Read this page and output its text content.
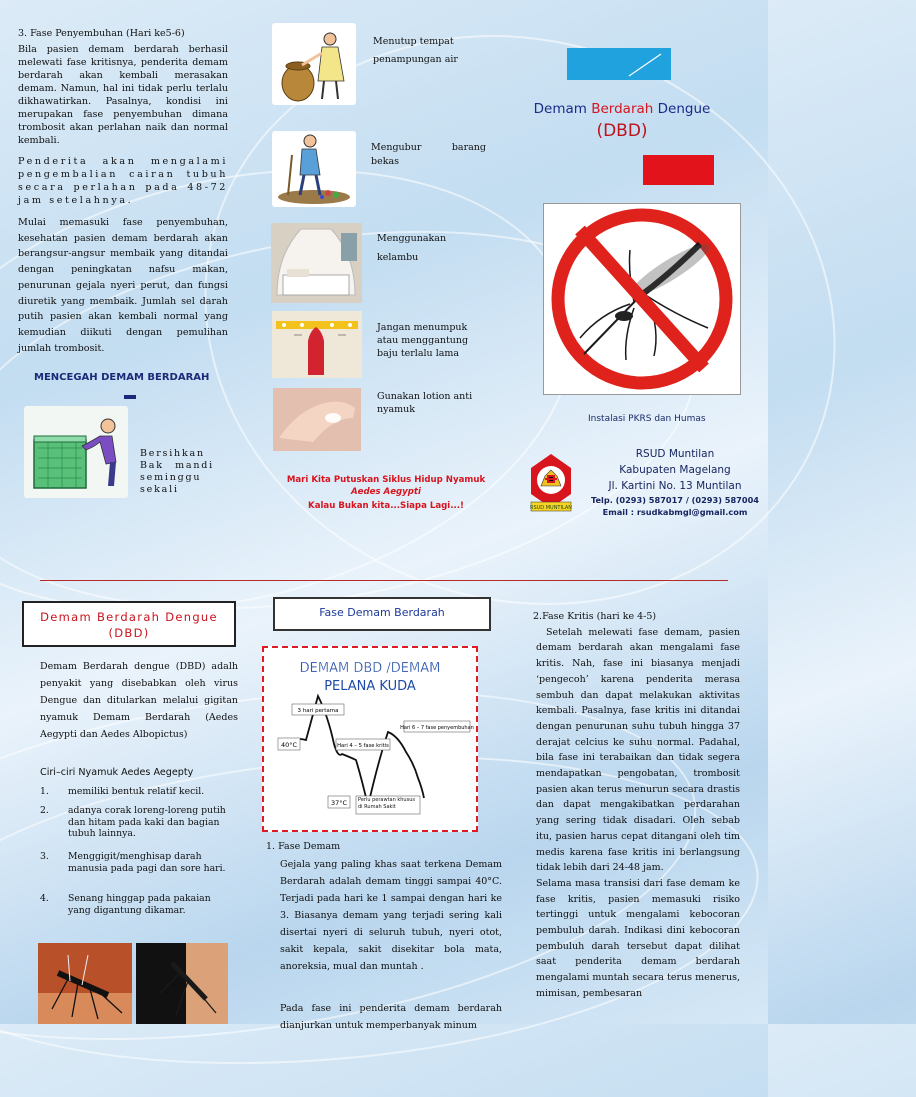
3. Fase Penyembuhan (Hari ke5-6)

Bila pasien demam berdarah berhasil melewati fase kritisnya, penderita demam berdarah akan kembali merasakan demam. Namun, hal ini tidak perlu terlalu dikhawatirkan. Pasalnya, kondisi ini merupakan fase penyembuhan dimana trombosit akan perlahan naik dan normal kembali.

Penderita akan mengalami pengembalian cairan tubuh secara perlahan pada 48-72 jam setelahnya.

Mulai memasuki fase penyembuhan, kesehatan pasien demam berdarah akan berangsur-angsur membaik yang ditandai dengan peningkatan nafsu makan, penurunan gejala nyeri perut, dan fungsi diuretik yang membaik. Jumlah sel darah putih pasien akan kembali normal yang kemudian diikuti dengan pemulihan jumlah trombosit.

MENCEGAH DEMAM BERDARAH
Bersihkan Bak mandi seminggu sekali
Menutup tempat penampungan air
Mengubur barang bekas
Menggunakan kelambu
Jangan menumpuk atau menggantung baju terlalu lama
Gunakan lotion anti nyamuk
Mari Kita Putuskan Siklus Hidup Nyamuk
Aedes Aegypti
Kalau Bukan kita...Siapa Lagi...!
Demam Berdarah Dengue
(DBD)
Instalasi PKRS dan Humas
RSUD MUNTILAN
RSUD Muntilan
Kabupaten Magelang
Jl. Kartini No. 13 Muntilan
Telp. (0293) 587017 / (0293) 587004
Email : rsudkabmgl@gmail.com
Demam Berdarah Dengue (DBD)
Demam Berdarah dengue (DBD) adalh penyakit yang disebabkan oleh virus Dengue dan ditularkan melalui gigitan nyamuk Demam Berdarah (Aedes Aegypti dan Aedes Albopictus)
Ciri–ciri Nyamuk Aedes Aegepty
1. memiliki bentuk relatif kecil.
2. adanya corak loreng-loreng putih dan hitam pada kaki dan bagian tubuh lainnya.
3. Menggigit/menghisap darah manusia pada pagi dan sore hari.
4. Senang hinggap pada pakaian yang digantung dikamar.
Fase Demam Berdarah
DEMAM DBD /DEMAM
PELANA KUDA
3 hari pertama
40°C	Hari 4 – 5 fase kritis
Hari 6 – 7 fase penyembuhan
37°C Perlu perawtan khusus di Rumah Sakit
1. Fase Demam
Gejala yang paling khas saat terkena Demam Berdarah adalah demam tinggi sampai 40°C. Terjadi pada hari ke 1 sampai dengan hari ke 3. Biasanya demam yang terjadi sering kali disertai nyeri di seluruh tubuh, nyeri otot, sakit kepala, sakit disekitar bola mata, anoreksia, mual dan muntah .
Pada fase ini penderita demam berdarah dianjurkan untuk memperbanyak minum
2.Fase Kritis (hari ke 4-5)
Setelah melewati fase demam, pasien demam berdarah akan mengalami fase kritis. Nah, fase ini biasanya menjadi ‘pengecoh’ karena penderita merasa sembuh dan dapat melakukan aktivitas kembali. Pasalnya, fase kritis ini ditandai dengan penurunan suhu tubuh hingga 37 derajat celcius ke suhu normal. Padahal, bila fase ini terabaikan dan tidak segera mendapatkan pengobatan, trombosit pasien akan terus menurun secara drastis dan dapat mengakibatkan perdarahan yang sering tidak disadari. Oleh sebab itu, pasien harus cepat ditangani oleh tim medis karena fase kritis ini berlangsung tidak lebih dari 24-48 jam.
Selama masa transisi dari fase demam ke fase kritis, pasien memasuki risiko tertinggi untuk mengalami kebocoran pembuluh darah. Indikasi dini kebocoran pembuluh darah tersebut dapat dilihat saat penderita demam berdarah mengalami muntah secara terus menerus, mimisan, pembesaran
